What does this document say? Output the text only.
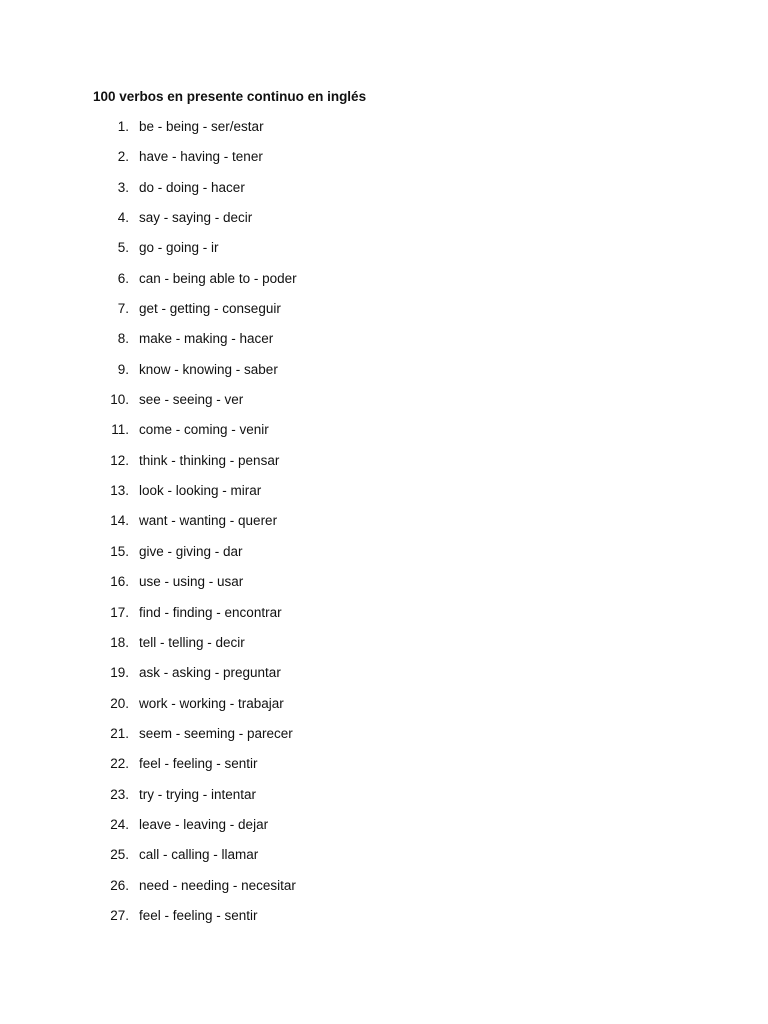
100 verbos en presente continuo en inglés
1. be - being - ser/estar
2. have - having - tener
3. do - doing - hacer
4. say - saying - decir
5. go - going - ir
6. can - being able to - poder
7. get - getting - conseguir
8. make - making - hacer
9. know - knowing - saber
10. see - seeing - ver
11. come - coming - venir
12. think - thinking - pensar
13. look - looking - mirar
14. want - wanting - querer
15. give - giving - dar
16. use - using - usar
17. find - finding - encontrar
18. tell - telling - decir
19. ask - asking - preguntar
20. work - working - trabajar
21. seem - seeming - parecer
22. feel - feeling - sentir
23. try - trying - intentar
24. leave - leaving - dejar
25. call - calling - llamar
26. need - needing - necesitar
27. feel - feeling - sentir
